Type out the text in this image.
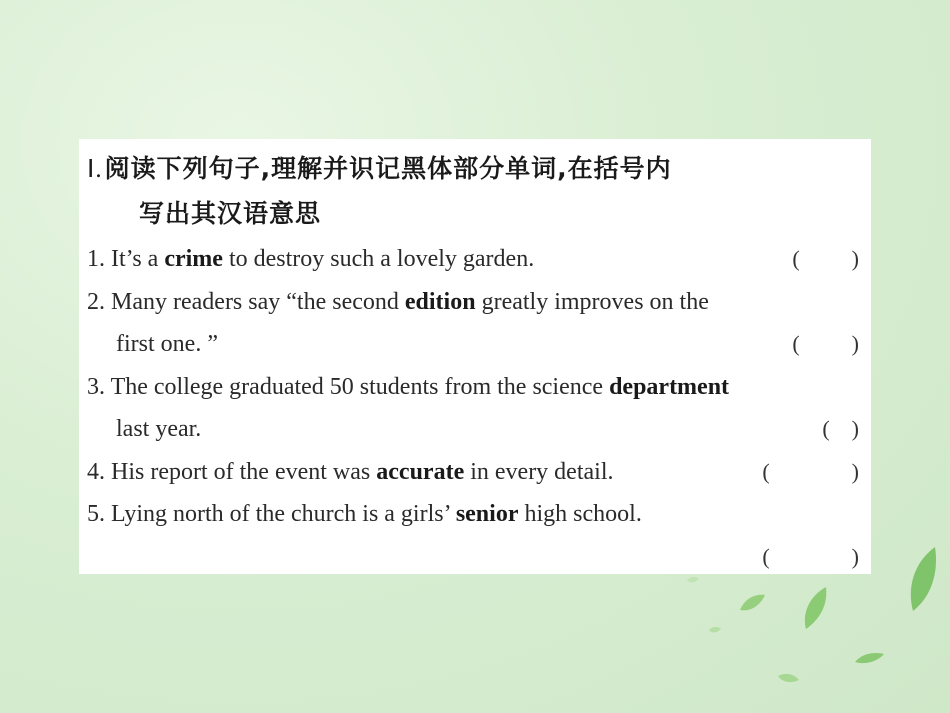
Ⅰ.阅读下列句子,理解并识记黑体部分单词,在括号内
写出其汉语意思
1. It’s a crime to destroy such a lovely garden.	( )
2. Many readers say “the second edition greatly improves on the
first one. ”	( )
3. The college graduated 50 students from the science department
last year.	( )
4. His report of the event was accurate in every detail.	(	)
5. Lying north of the church is a girls’ senior high school.
(	)
